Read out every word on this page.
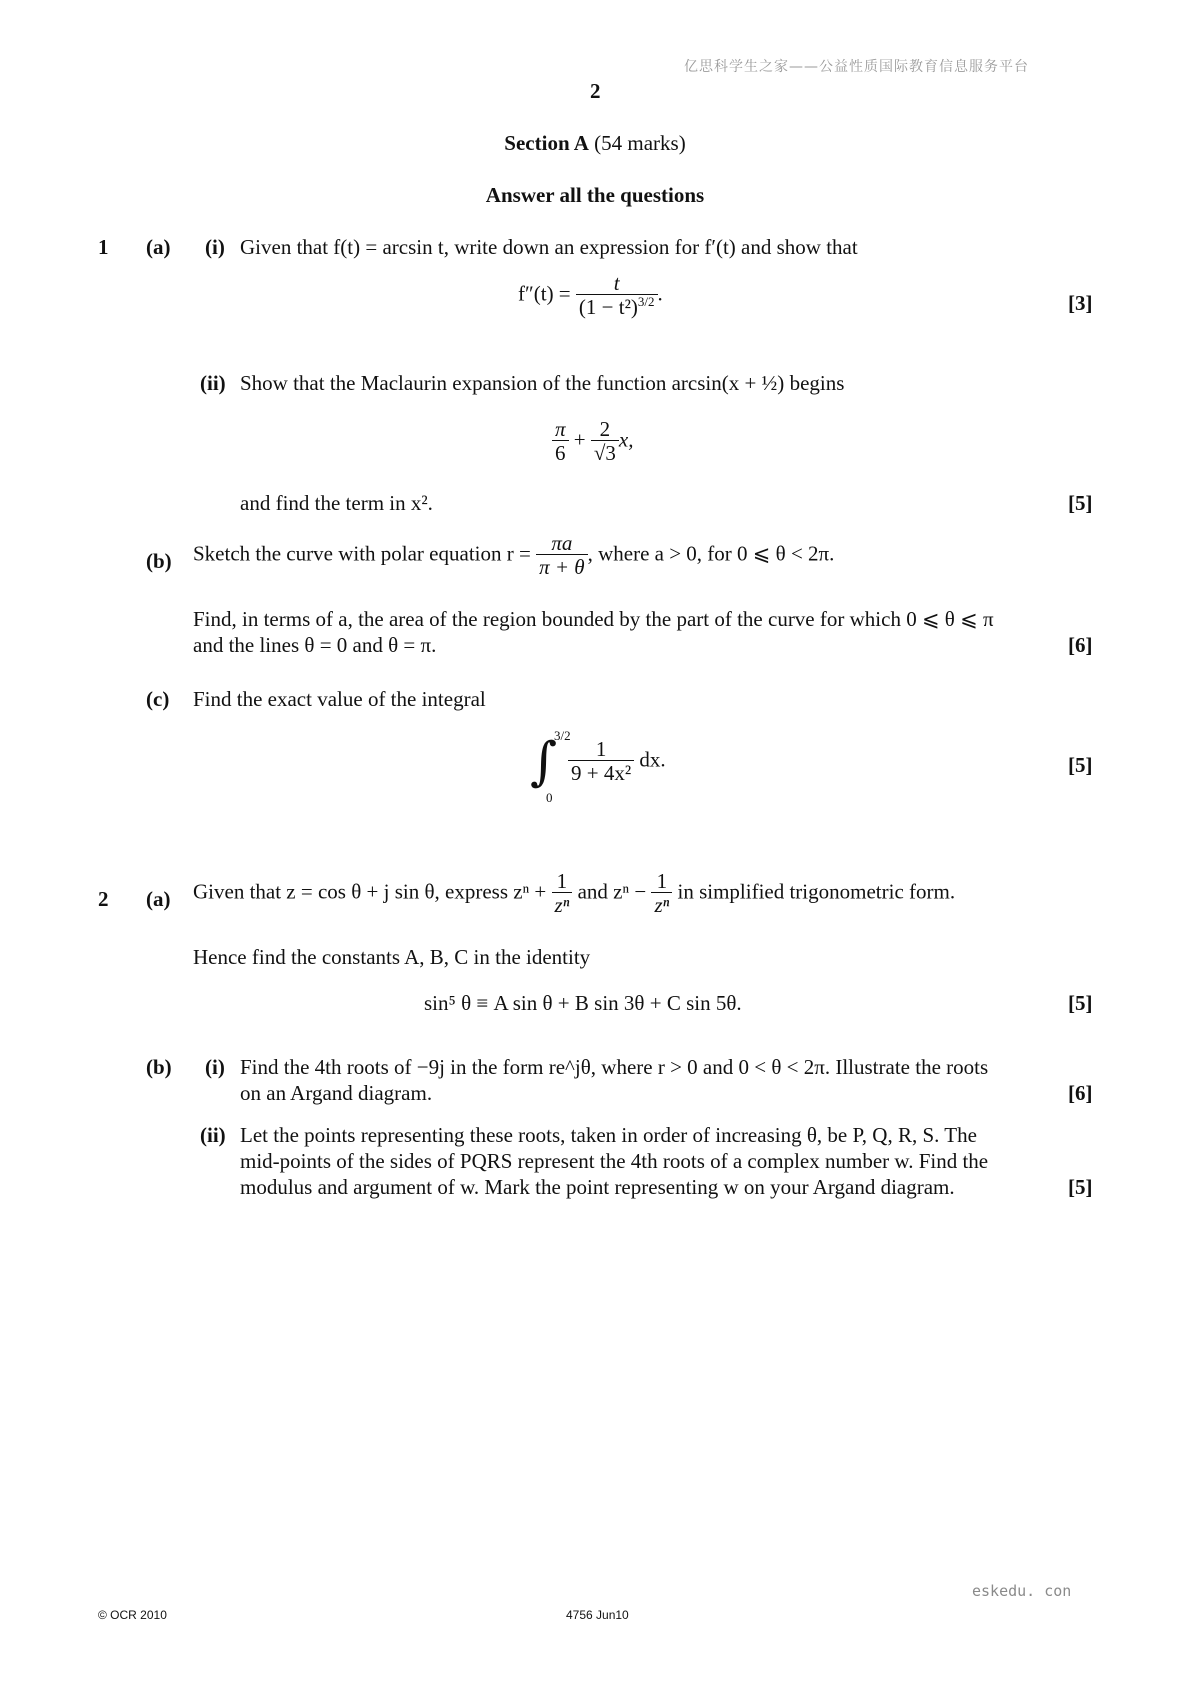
亿思科学生之家——公益性质国际教育信息服务平台
2
Section A (54 marks)
Answer all the questions
1 (a) (i) Given that f(t) = arcsin t, write down an expression for f′(t) and show that
$f''(t) = \frac{t}{(1 - t^2)^{3/2}}$ .	[3]
(ii) Show that the Maclaurin expansion of the function arcsin(x + ½) begins
$\frac{\pi}{6} + \frac{2}{√3} x$,
and find the term in x².	[5]
(b) Sketch the curve with polar equation $r = \frac{\pi a}{\pi + \theta}$ , where a > 0, for 0 ⩽ θ < 2π.
Find, in terms of a, the area of the region bounded by the part of the curve for which 0 ⩽ θ ⩽ π
and the lines θ = 0 and θ = π.	[6]
(c) Find the exact value of the integral
∫
3/2
0
$\frac{1}{\text{9 + 4x²}}$ dx.	[5]
2 (a) Given that z = cos θ + j sin θ, express $z^n + \frac{1}{\text{zⁿ}}$ and $z^n - \frac{1}{\text{zⁿ}}$ in simplified trigonometric form.
Hence find the constants A, B, C in the identity
sin⁵ θ ≡ A sin θ + B sin 3θ + C sin 5θ.	[5]
(b) (i) Find the 4th roots of −9j in the form re^jθ, where r > 0 and 0 < θ < 2π. Illustrate the roots
on an Argand diagram.	[6]
(ii) Let the points representing these roots, taken in order of increasing θ, be P, Q, R, S. The
mid-points of the sides of PQRS represent the 4th roots of a complex number w. Find the
modulus and argument of w. Mark the point representing w on your Argand diagram.	[5]
eskedu. con
© OCR 2010	4756 Jun10
